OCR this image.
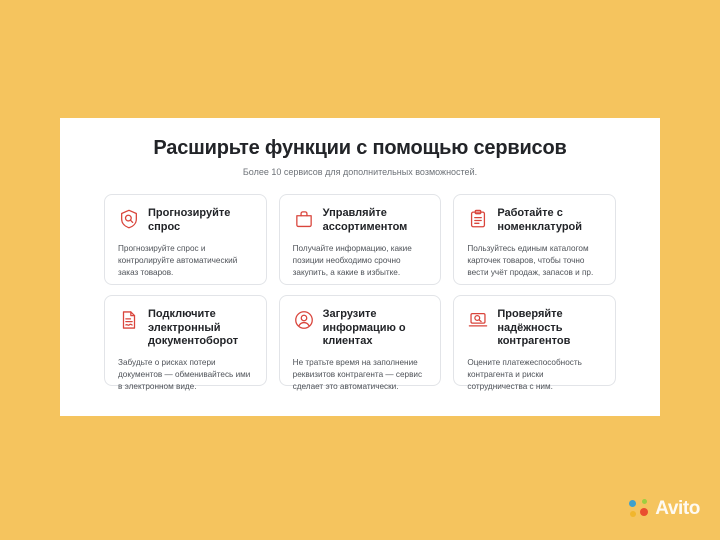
Расширьте функции с помощью сервисов
Более 10 сервисов для дополнительных возможностей.
Прогнозируйте спрос
Прогнозируйте спрос и контролируйте автоматический заказ товаров.
Управляйте ассортиментом
Получайте информацию, какие позиции необходимо срочно закупить, а какие в избытке.
Работайте с номенклатурой
Пользуйтесь единым каталогом карточек товаров, чтобы точно вести учёт продаж, запасов и пр.
Подключите электронный документоборот
Забудьте о рисках потери документов — обменивайтесь ими в электронном виде.
Загрузите информацию о клиентах
Не тратьте время на заполнение реквизитов контрагента — сервис сделает это автоматически.
Проверяйте надёжность контрагентов
Оцените платежеспособность контрагента и риски сотрудничества с ним.
Avito
